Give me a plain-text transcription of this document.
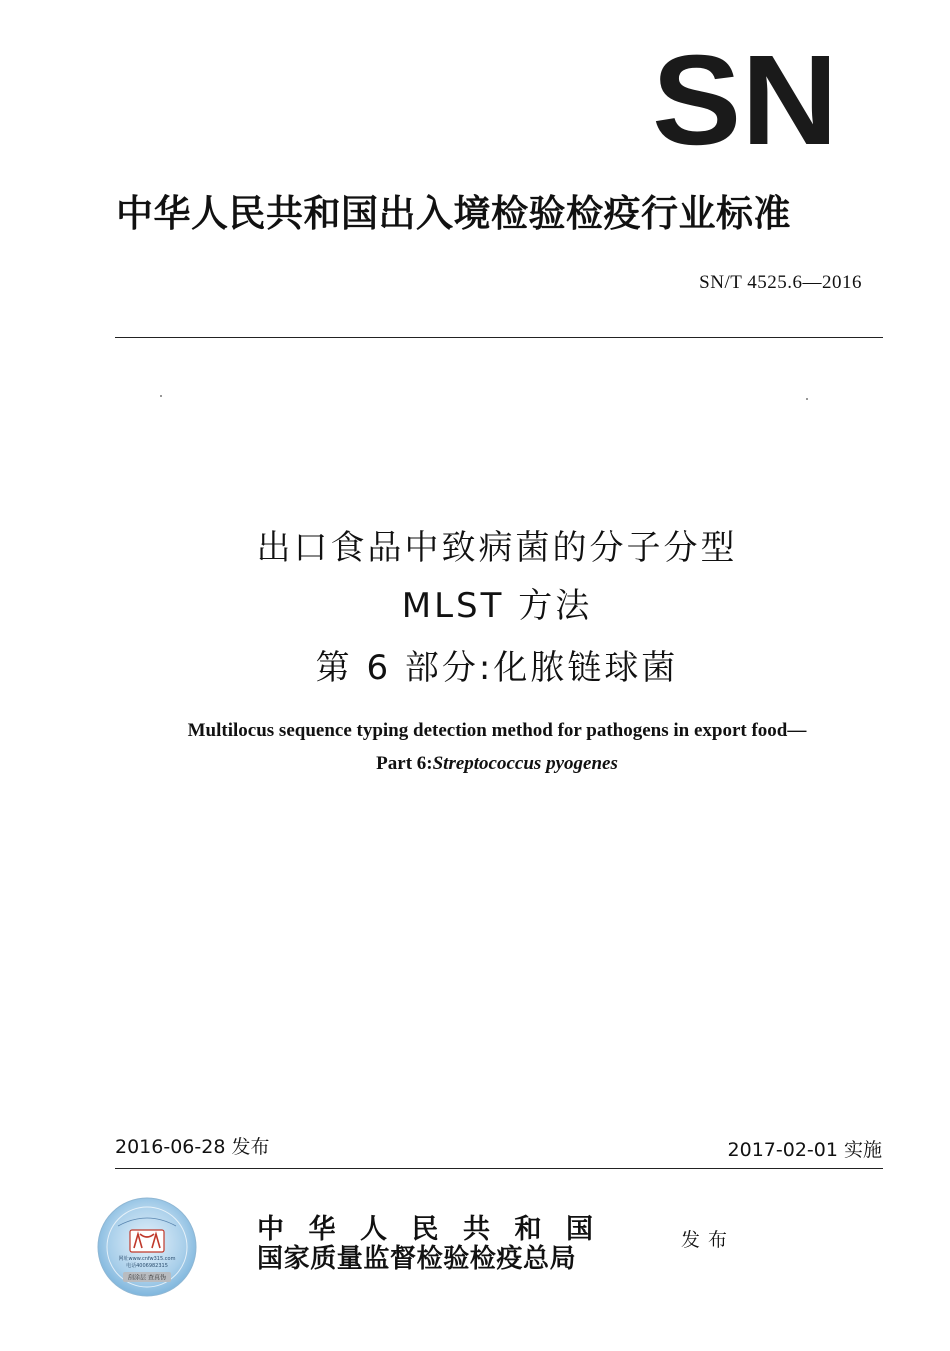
SN
中华人民共和国出入境检验检疫行业标准
SN/T 4525.6—2016
出口食品中致病菌的分子分型
MLST 方法
第 6 部分:化脓链球菌
Multilocus sequence typing detection method for pathogens in export food—
Part 6:Streptococcus pyogenes
2016-06-28 发布	2017-02-01 实施
网址www.cnfw315.com
电话4006982315
刮涂层 查真伪
中华人民共和国
国家质量监督检验检疫总局
发布
